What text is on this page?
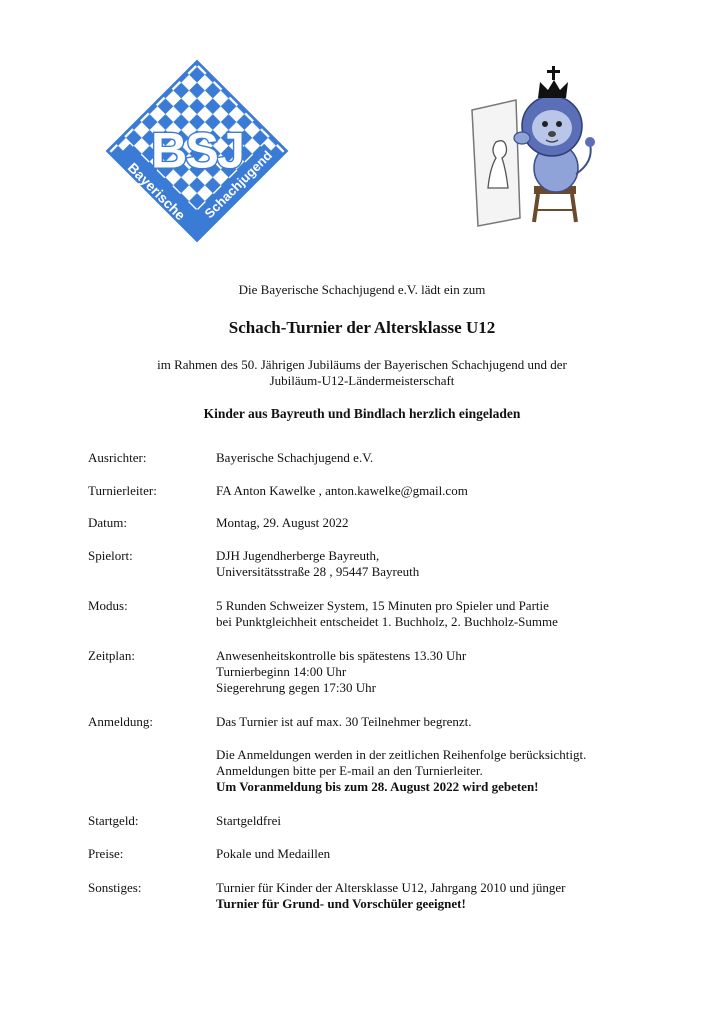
Bayerische Schachjugend
BSJ
Die Bayerische Schachjugend e.V. lädt ein zum
Schach-Turnier der Altersklasse U12
im Rahmen des 50. Jährigen Jubiläums der Bayerischen Schachjugend und der
Jubiläum-U12-Ländermeisterschaft
Kinder aus Bayreuth und Bindlach herzlich eingeladen
Ausrichter:	Bayerische Schachjugend e.V.
Turnierleiter:	FA Anton Kawelke , anton.kawelke@gmail.com
Datum:	Montag, 29. August 2022
Spielort:	DJH Jugendherberge Bayreuth,
Universitätsstraße 28 , 95447 Bayreuth
Modus:	5 Runden Schweizer System, 15 Minuten pro Spieler und Partie
bei Punktgleichheit entscheidet 1. Buchholz, 2. Buchholz-Summe
Zeitplan:	Anwesenheitskontrolle bis spätestens 13.30 Uhr
Turnierbeginn 14:00 Uhr
Siegerehrung gegen 17:30 Uhr
Anmeldung:	Das Turnier ist auf max. 30 Teilnehmer begrenzt.
Die Anmeldungen werden in der zeitlichen Reihenfolge berücksichtigt.
Anmeldungen bitte per E-mail an den Turnierleiter.
Um Voranmeldung bis zum 28. August 2022 wird gebeten!
Startgeld:	Startgeldfrei
Preise:	Pokale und Medaillen
Sonstiges:	Turnier für Kinder der Altersklasse U12, Jahrgang 2010 und jünger
Turnier für Grund- und Vorschüler geeignet!
